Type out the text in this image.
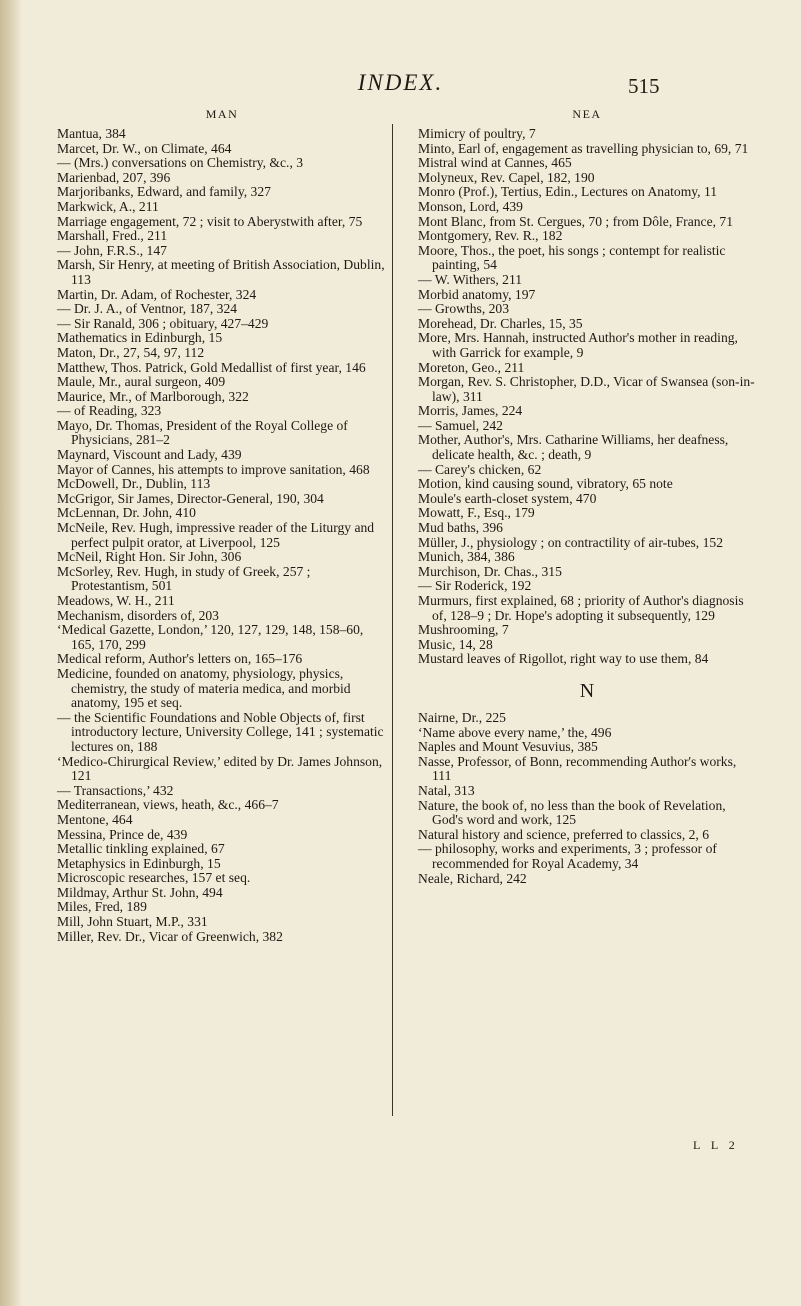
INDEX.	515
MAN

Mantua, 384

Marcet, Dr. W., on Climate, 464

— (Mrs.) conversations on Chemistry, &c., 3

Marienbad, 207, 396

Marjoribanks, Edward, and family, 327

Markwick, A., 211

Marriage engagement, 72 ; visit to Aberystwith after, 75

Marshall, Fred., 211

— John, F.R.S., 147

Marsh, Sir Henry, at meeting of British Association, Dublin, 113

Martin, Dr. Adam, of Rochester, 324

— Dr. J. A., of Ventnor, 187, 324

— Sir Ranald, 306 ; obituary, 427–429

Mathematics in Edinburgh, 15

Maton, Dr., 27, 54, 97, 112

Matthew, Thos. Patrick, Gold Medallist of first year, 146

Maule, Mr., aural surgeon, 409

Maurice, Mr., of Marlborough, 322

— of Reading, 323

Mayo, Dr. Thomas, President of the Royal College of Physicians, 281–2

Maynard, Viscount and Lady, 439

Mayor of Cannes, his attempts to improve sanitation, 468

McDowell, Dr., Dublin, 113

McGrigor, Sir James, Director-General, 190, 304

McLennan, Dr. John, 410

McNeile, Rev. Hugh, impressive reader of the Liturgy and perfect pulpit orator, at Liverpool, 125

McNeil, Right Hon. Sir John, 306

McSorley, Rev. Hugh, in study of Greek, 257 ; Protestantism, 501

Meadows, W. H., 211

Mechanism, disorders of, 203

‘Medical Gazette, London,’ 120, 127, 129, 148, 158–60, 165, 170, 299

Medical reform, Author's letters on, 165–176

Medicine, founded on anatomy, physiology, physics, chemistry, the study of materia medica, and morbid anatomy, 195 et seq.

— the Scientific Foundations and Noble Objects of, first introductory lecture, University College, 141 ; systematic lectures on, 188

‘Medico-Chirurgical Review,’ edited by Dr. James Johnson, 121

— Transactions,’ 432

Mediterranean, views, heath, &c., 466–7

Mentone, 464

Messina, Prince de, 439

Metallic tinkling explained, 67

Metaphysics in Edinburgh, 15

Microscopic researches, 157 et seq.

Mildmay, Arthur St. John, 494

Miles, Fred, 189

Mill, John Stuart, M.P., 331

Miller, Rev. Dr., Vicar of Greenwich, 382

NEA

Mimicry of poultry, 7

Minto, Earl of, engagement as travelling physician to, 69, 71

Mistral wind at Cannes, 465

Molyneux, Rev. Capel, 182, 190

Monro (Prof.), Tertius, Edin., Lectures on Anatomy, 11

Monson, Lord, 439

Mont Blanc, from St. Cergues, 70 ; from Dôle, France, 71

Montgomery, Rev. R., 182

Moore, Thos., the poet, his songs ; contempt for realistic painting, 54

— W. Withers, 211

Morbid anatomy, 197

— Growths, 203

Morehead, Dr. Charles, 15, 35

More, Mrs. Hannah, instructed Author's mother in reading, with Garrick for example, 9

Moreton, Geo., 211

Morgan, Rev. S. Christopher, D.D., Vicar of Swansea (son-in-law), 311

Morris, James, 224

— Samuel, 242

Mother, Author's, Mrs. Catharine Williams, her deafness, delicate health, &c. ; death, 9

— Carey's chicken, 62

Motion, kind causing sound, vibratory, 65 note

Moule's earth-closet system, 470

Mowatt, F., Esq., 179

Mud baths, 396

Müller, J., physiology ; on contractility of air-tubes, 152

Munich, 384, 386

Murchison, Dr. Chas., 315

— Sir Roderick, 192

Murmurs, first explained, 68 ; priority of Author's diagnosis of, 128–9 ; Dr. Hope's adopting it subsequently, 129

Mushrooming, 7

Music, 14, 28

Mustard leaves of Rigollot, right way to use them, 84

N

Nairne, Dr., 225

‘Name above every name,’ the, 496

Naples and Mount Vesuvius, 385

Nasse, Professor, of Bonn, recommending Author's works, 111

Natal, 313

Nature, the book of, no less than the book of Revelation, God's word and work, 125

Natural history and science, preferred to classics, 2, 6

— philosophy, works and experiments, 3 ; professor of recommended for Royal Academy, 34

Neale, Richard, 242

L L 2
